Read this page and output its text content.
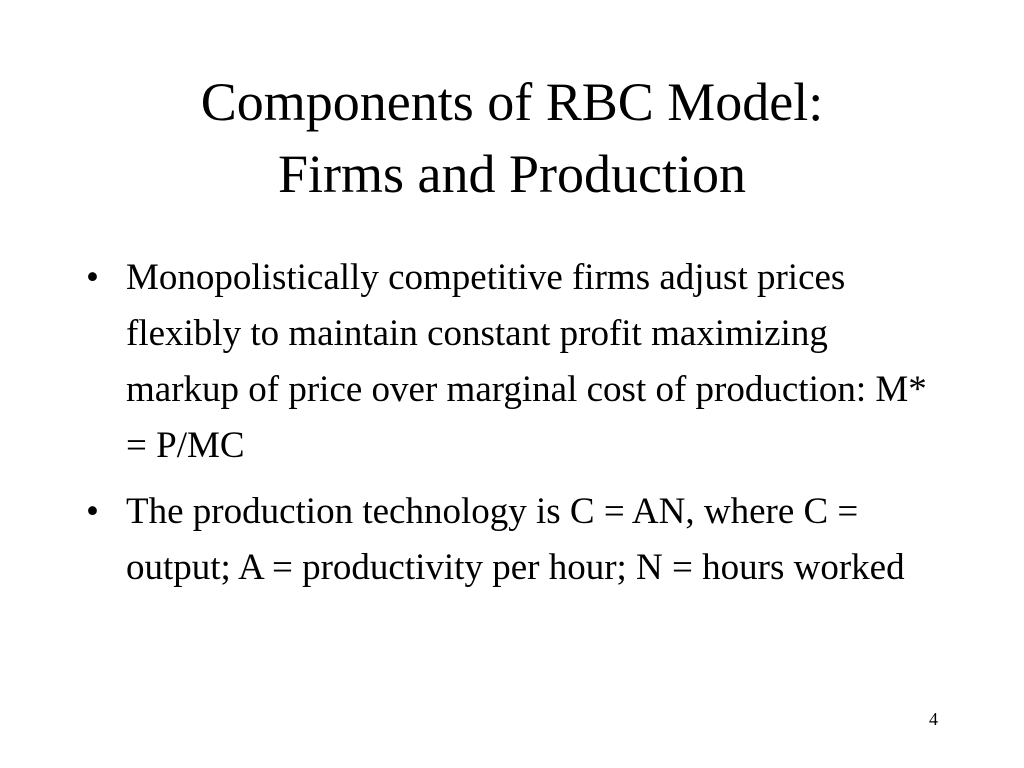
Components of RBC Model:
Firms and Production
• Monopolistically competitive firms adjust prices flexibly to maintain constant profit maximizing markup of price over marginal cost of production: M* = P/MC
• The production technology is C = AN, where C = output; A = productivity per hour; N = hours worked
4
